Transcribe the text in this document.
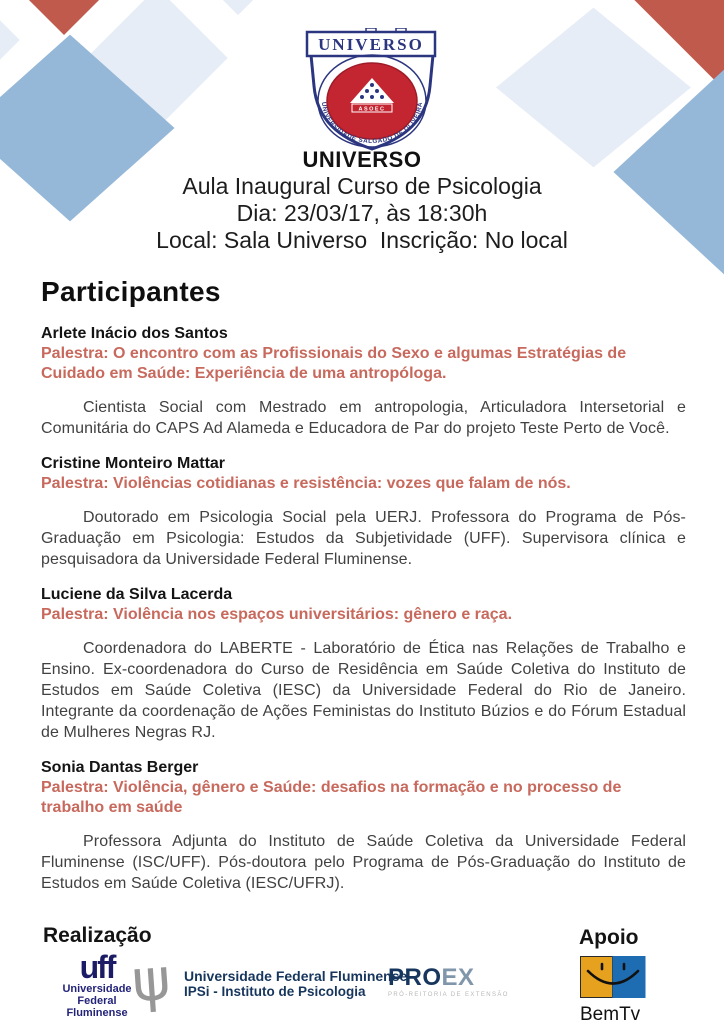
UNIVERSO
ASOEC
UNIVERSIDADE SALGADO DE OLIVEIRA
UNIVERSO
Aula Inaugural Curso de Psicologia
Dia: 23/03/17, às 18:30h
Local: Sala Universo  Inscrição: No local
Participantes
Arlete Inácio dos Santos
Palestra: O encontro com as Profissionais do Sexo e algumas Estratégias de Cuidado em Saúde: Experiência de uma antropóloga.
Cientista Social com Mestrado em antropologia, Articuladora Intersetorial e Comunitária do CAPS Ad Alameda e Educadora de Par do projeto Teste Perto de Você.
Cristine Monteiro Mattar
Palestra: Violências cotidianas e resistência: vozes que falam de nós.
Doutorado em Psicologia Social pela UERJ. Professora do Programa de Pós-Graduação em Psicologia: Estudos da Subjetividade (UFF). Supervisora clínica e pesquisadora da Universidade Federal Fluminense.
Luciene da Silva Lacerda
Palestra: Violência nos espaços universitários: gênero e raça.
Coordenadora do LABERTE - Laboratório de Ética nas Relações de Trabalho e Ensino. Ex-coordenadora do Curso de Residência em Saúde Coletiva do Instituto de Estudos em Saúde Coletiva (IESC) da Universidade Federal do Rio de Janeiro. Integrante da coordenação de Ações Feministas do Instituto Búzios e do Fórum Estadual de Mulheres Negras RJ.
Sonia Dantas Berger
Palestra: Violência, gênero e Saúde: desafios na formação e no processo de trabalho em saúde
Professora Adjunta do Instituto de Saúde Coletiva da Universidade Federal Fluminense (ISC/UFF). Pós-doutora pelo Programa de Pós-Graduação do Instituto de Estudos em Saúde Coletiva (IESC/UFRJ).
Realização	Apoio
uff
Universidade
Federal
Fluminense ψ Universidade Federal Fluminense
IPSi - Instituto de Psicologia
PROEX
PRÓ-REITORIA DE EXTENSÃO
BemTv
